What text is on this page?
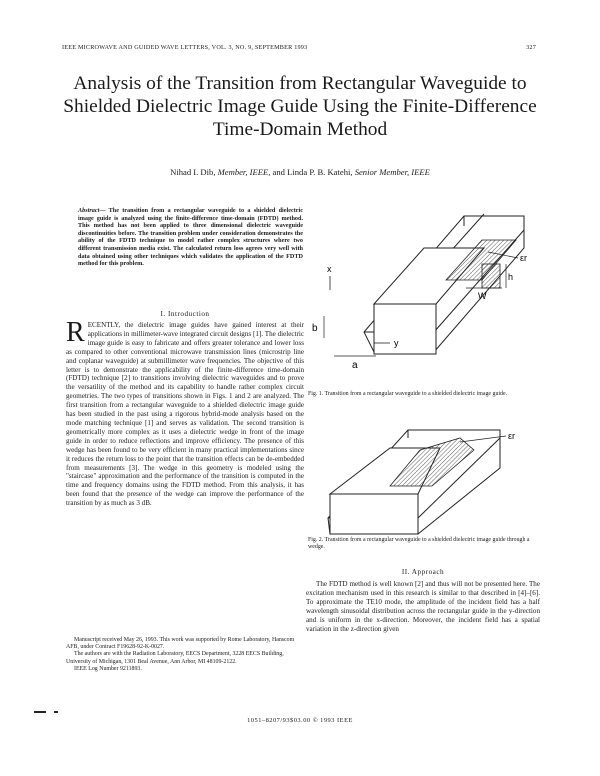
IEEE MICROWAVE AND GUIDED WAVE LETTERS, VOL. 3, NO. 9, SEPTEMBER 1993	327
Analysis of the Transition from Rectangular Waveguide to Shielded Dielectric Image Guide Using the Finite-Difference Time-Domain Method
Nihad I. Dib, Member, IEEE, and Linda P. B. Katehi, Senior Member, IEEE
Abstract— The transition from a rectangular waveguide to a shielded dielectric image guide is analyzed using the finite-difference time-domain (FDTD) method. This method has not been applied to three dimensional dielectric waveguide discontinuities before. The transition problem under consideration demonstrates the ability of the FDTD technique to model rather complex structures where two different transmission media exist. The calculated return loss agrees very well with data obtained using other techniques which validates the application of the FDTD method for this problem.
I. Introduction
RECENTLY, the dielectric image guides have gained interest at their applications in millimeter-wave integrated circuit designs [1]. The dielectric image guide is easy to fabricate and offers greater tolerance and lower loss as compared to other conventional microwave transmission lines (microstrip line and coplanar waveguide) at submillimeter wave frequencies. The objective of this letter is to demonstrate the applicability of the finite-difference time-domain (FDTD) technique [2] to transitions involving dielectric waveguides and to prove the versatility of the method and its capability to handle rather complex circuit geometries. The two types of transitions shown in Figs. 1 and 2 are analyzed. The first transition from a rectangular waveguide to a shielded dielectric image guide has been studied in the past using a rigorous hybrid-mode analysis based on the mode matching technique [1] and serves as validation. The second transition is geometrically more complex as it uses a dielectric wedge in front of the image guide in order to reduce reflections and improve efficiency. The presence of this wedge has been found to be very efficient in many practical implementations since it reduces the return loss to the point that the transition effects can be de-embedded from measurements [3]. The wedge in this geometry is modeled using the "staircase" approximation and the performance of the transition is computed in the time and frequency domains using the FDTD method. From this analysis, it has been found that the presence of the wedge can improve the performance of the transition by as much as 3 dB.
Manuscript received May 26, 1993. This work was supported by Rome Laboratory, Hanscom AFB, under Contract F19628-92-K-0027.
The authors are with the Radiation Laboratory, EECS Department, 3228 EECS Building, University of Michigan, 1301 Beal Avenue, Ann Arbor, MI 48109-2122.
IEEE Log Number 9211893.
εr
h
W
x
b
a
y
Fig. 1. Transition from a rectangular waveguide to a shielded dielectric image guide.
εr
Fig. 2. Transition from a rectangular waveguide to a shielded dielectric image guide through a wedge.
II. Approach
The FDTD method is well known [2] and thus will not be presented here. The excitation mechanism used in this research is similar to that described in [4]–[6]. To approximate the TE10 mode, the amplitude of the incident field has a half wavelength sinusoidal distribution across the rectangular guide in the y-direction and is uniform in the x-direction. Moreover, the incident field has a spatial variation in the z-direction given
1051–8207/93$03.00 © 1993 IEEE
